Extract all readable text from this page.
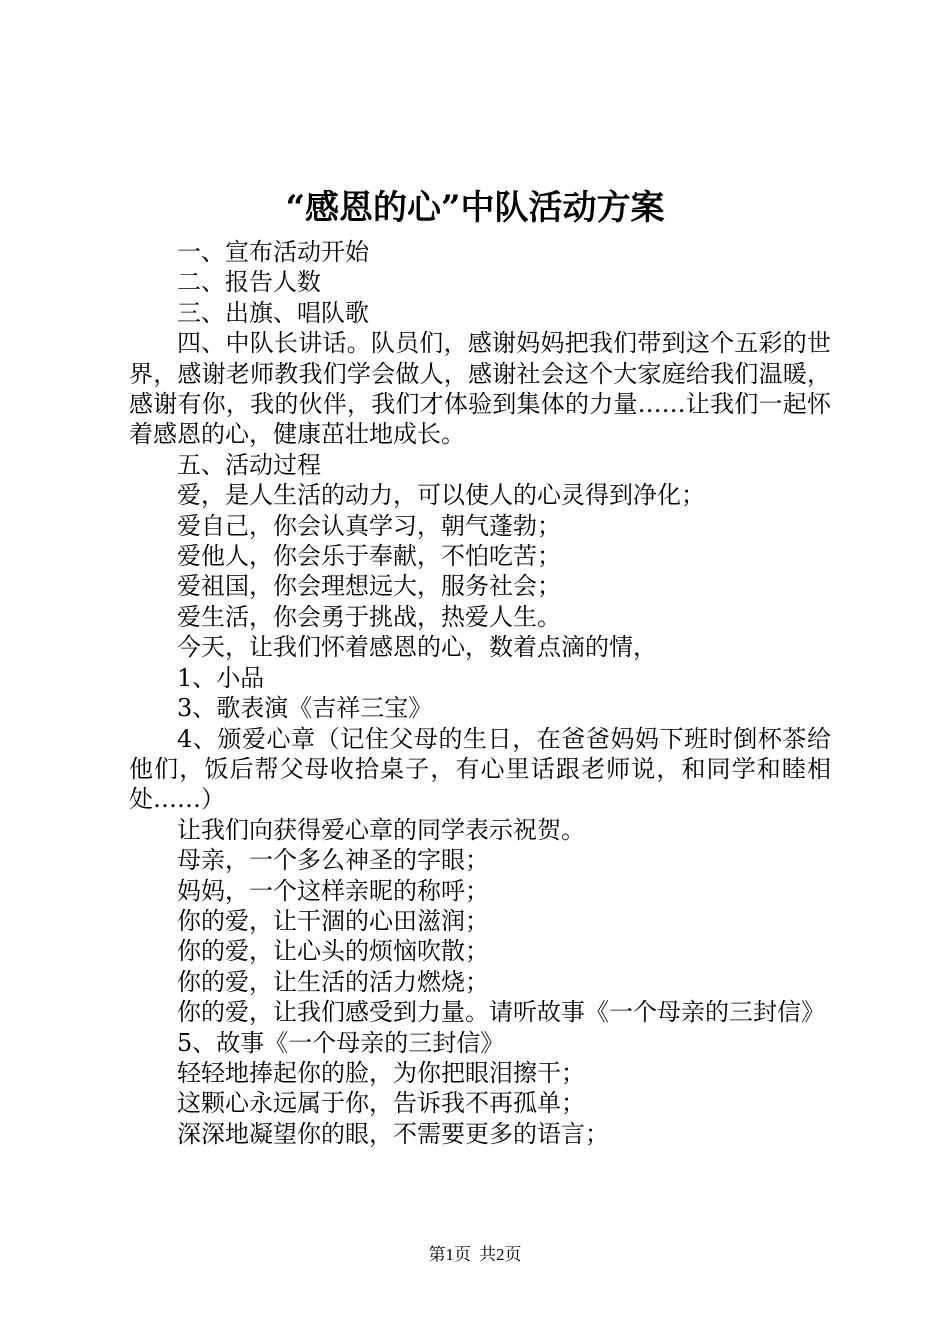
“感恩的心”中队活动方案

一、宣布活动开始

二、报告人数

三、出旗、唱队歌

四、中队长讲话。队员们，感谢妈妈把我们带到这个五彩的世界，感谢老师教我们学会做人，感谢社会这个大家庭给我们温暖，感谢有你，我的伙伴，我们才体验到集体的力量……让我们一起怀着感恩的心，健康茁壮地成长。

五、活动过程

爱，是人生活的动力，可以使人的心灵得到净化；

爱自己，你会认真学习，朝气蓬勃；

爱他人，你会乐于奉献，不怕吃苦；

爱祖国，你会理想远大，服务社会；

爱生活，你会勇于挑战，热爱人生。

今天，让我们怀着感恩的心，数着点滴的情，

1、小品

3、歌表演《吉祥三宝》

4、颁爱心章（记住父母的生日，在爸爸妈妈下班时倒杯茶给他们，饭后帮父母收拾桌子，有心里话跟老师说，和同学和睦相处……）

让我们向获得爱心章的同学表示祝贺。

母亲，一个多么神圣的字眼；

妈妈，一个这样亲昵的称呼；

你的爱，让干涸的心田滋润；

你的爱，让心头的烦恼吹散；

你的爱，让生活的活力燃烧；

你的爱，让我们感受到力量。请听故事《一个母亲的三封信》

5、故事《一个母亲的三封信》

轻轻地捧起你的脸，为你把眼泪擦干；

这颗心永远属于你，告诉我不再孤单；

深深地凝望你的眼，不需要更多的语言；

第1页 共2页
